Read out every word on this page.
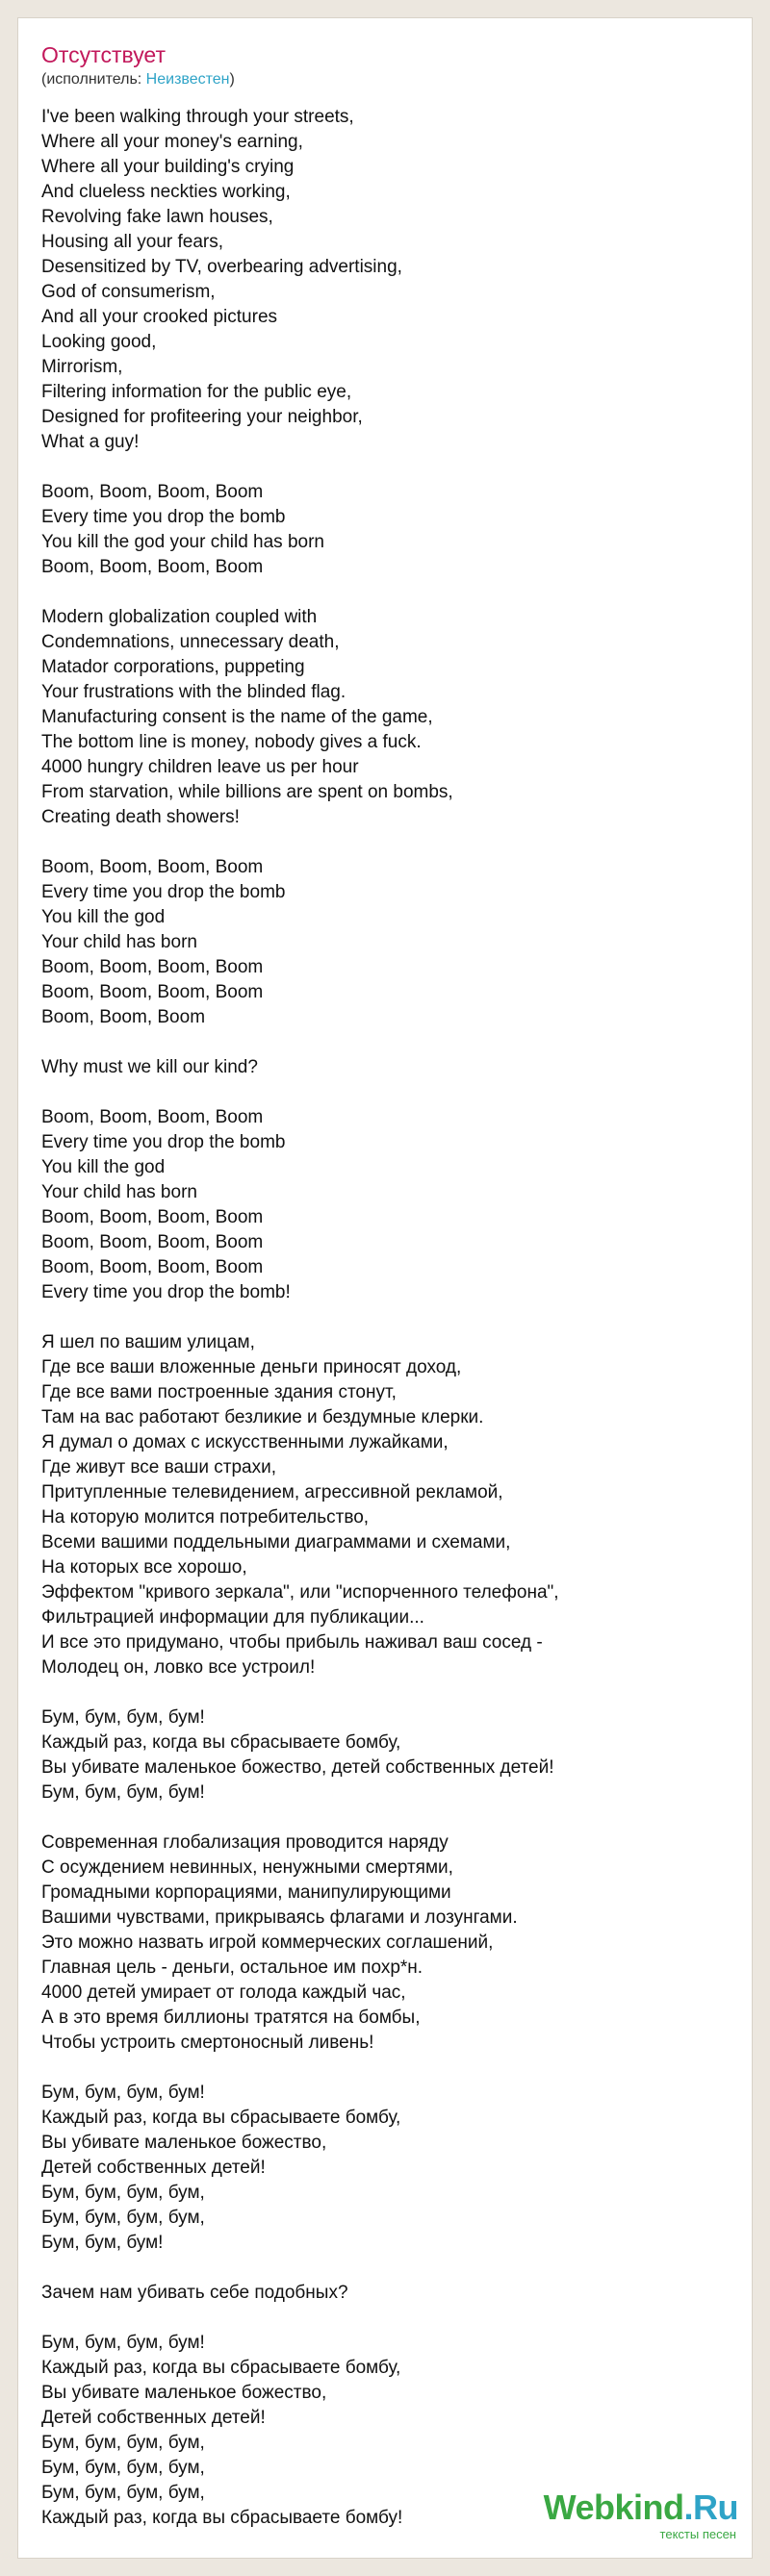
Отсутствует
(исполнитель: Неизвестен)
I've been walking through your streets,
Where all your money's earning,
Where all your building's crying
And clueless neckties working,
Revolving fake lawn houses,
Housing all your fears,
Desensitized by TV, overbearing advertising,
God of consumerism,
And all your crooked pictures
Looking good,
Mirrorism,
Filtering information for the public eye,
Designed for profiteering your neighbor,
What a guy!
Boom, Boom, Boom, Boom
Every time you drop the bomb
You kill the god your child has born
Boom, Boom, Boom, Boom
Modern globalization coupled with
Condemnations, unnecessary death,
Matador corporations, puppeting
Your frustrations with the blinded flag.
Manufacturing consent is the name of the game,
The bottom line is money, nobody gives a fuck.
4000 hungry children leave us per hour
From starvation, while billions are spent on bombs,
Creating death showers!
Boom, Boom, Boom, Boom
Every time you drop the bomb
You kill the god
Your child has born
Boom, Boom, Boom, Boom
Boom, Boom, Boom, Boom
Boom, Boom, Boom
Why must we kill our kind?
Boom, Boom, Boom, Boom
Every time you drop the bomb
You kill the god
Your child has born
Boom, Boom, Boom, Boom
Boom, Boom, Boom, Boom
Boom, Boom, Boom, Boom
Every time you drop the bomb!
Я шел по вашим улицам,
Где все ваши вложенные деньги приносят доход,
Где все вами построенные здания стонут,
Там на вас работают безликие и бездумные клерки.
Я думал о домах с искусственными лужайками,
Где живут все ваши страхи,
Притупленные телевидением, агрессивной рекламой,
На которую молится потребительство,
Всеми вашими поддельными диаграммами и схемами,
На которых все хорошо,
Эффектом "кривого зеркала", или "испорченного телефона",
Фильтрацией информации для публикации...
И все это придумано, чтобы прибыль наживал ваш сосед -
Молодец он, ловко все устроил!
Бум, бум, бум, бум!
Каждый раз, когда вы сбрасываете бомбу,
Вы убивате маленькое божество, детей собственных детей!
Бум, бум, бум, бум!
Современная глобализация проводится наряду
С осуждением невинных, ненужными смертями,
Громадными корпорациями, манипулирующими
Вашими чувствами, прикрываясь флагами и лозунгами.
Это можно назвать игрой коммерческих соглашений,
Главная цель - деньги, остальное им похр*н.
4000 детей умирает от голода каждый час,
А в это время биллионы тратятся на бомбы,
Чтобы устроить смертоносный ливень!
Бум, бум, бум, бум!
Каждый раз, когда вы сбрасываете бомбу,
Вы убивате маленькое божество,
Детей собственных детей!
Бум, бум, бум, бум,
Бум, бум, бум, бум,
Бум, бум, бум!
Зачем нам убивать себе подобных?
Бум, бум, бум, бум!
Каждый раз, когда вы сбрасываете бомбу,
Вы убивате маленькое божество,
Детей собственных детей!
Бум, бум, бум, бум,
Бум, бум, бум, бум,
Бум, бум, бум, бум,
Каждый раз, когда вы сбрасываете бомбу!	Webkind.Ru
тексты песен
